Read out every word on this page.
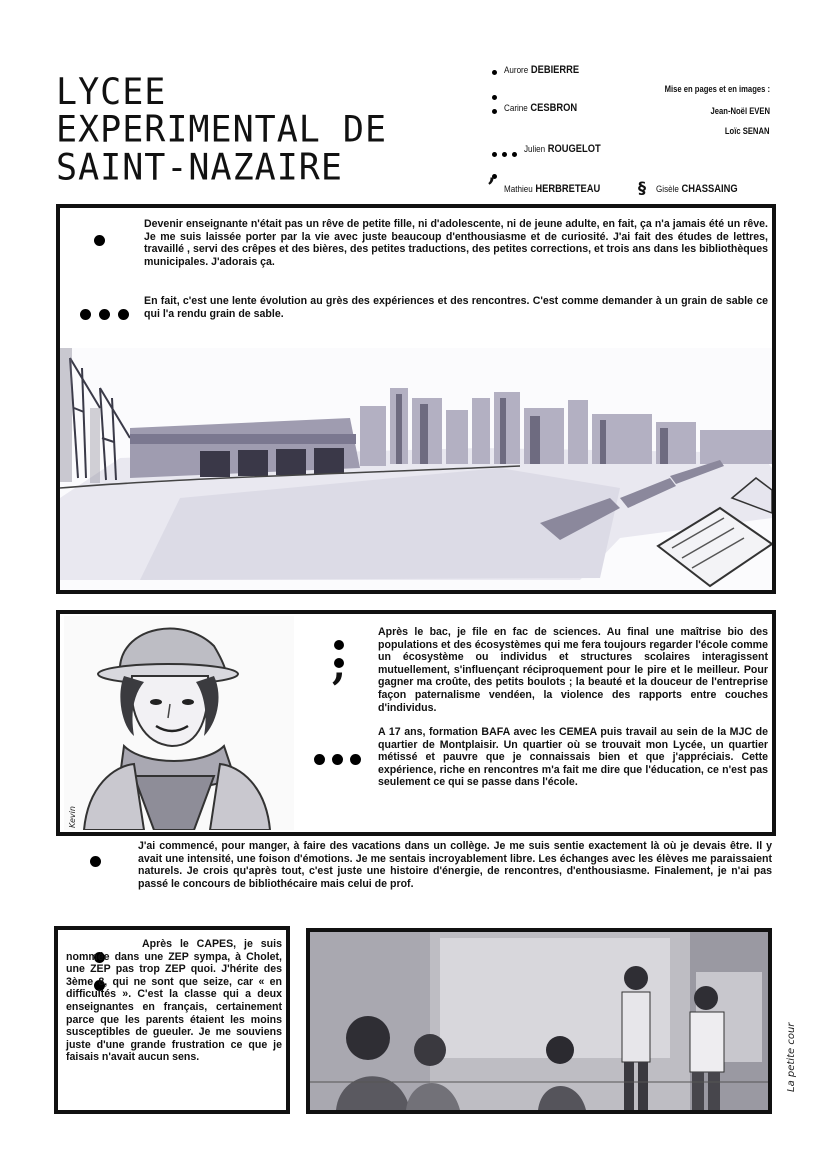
LYCEE
EXPERIMENTAL DE
SAINT-NAZAIRE
Aurore DEBIERRE
Carine CESBRON
Julien ROUGELOT
,
Mathieu HERBRETEAU § Gisèle CHASSAING
Mise en pages et en images :
Jean-Noël EVEN
Loïc SENAN
Devenir enseignante n'était pas un rêve de petite fille, ni d'adolescente, ni de jeune adulte, en fait, ça n'a jamais été un rêve. Je me suis laissée porter par la vie avec juste beaucoup d'enthousiasme et de curiosité. J'ai fait des études de lettres, travaillé , servi des crêpes et des bières, des petites traductions, des petites corrections, et trois ans dans les bibliothèques municipales. J'adorais ça.
En fait, c'est une lente évolution au grès des expériences et des rencontres. C'est comme demander à un grain de sable ce qui l'a rendu grain de sable.
Kevin
,
Après le bac, je file en fac de sciences. Au final une maîtrise bio des populations et des écosystèmes qui me fera toujours regarder l'école comme un écosystème ou individus et structures scolaires interagissent mutuellement, s'influençant réciproquement pour le pire et le meilleur. Pour gagner ma croûte, des petits boulots ; la beauté et la douceur de l'entreprise façon paternalisme vendéen, la violence des rapports entre couches d'individus.
A 17 ans, formation BAFA avec les CEMEA puis travail au sein de la MJC de quartier de Montplaisir. Un quartier où se trouvait mon Lycée, un quartier métissé et pauvre que je connaissais bien et que j'appréciais. Cette expérience, riche en rencontres m'a fait me dire que l'éducation, ce n'est pas seulement ce qui se passe dans l'école.
J'ai commencé, pour manger, à faire des vacations dans un collège. Je me suis sentie exactement là où je devais être. Il y avait une intensité, une foison d'émotions. Je me sentais incroyablement libre. Les échanges avec les élèves me paraissaient naturels. Je crois qu'après tout, c'est juste une histoire d'énergie, de rencontres, d'enthousiasme. Finalement, je n'ai pas passé le concours de bibliothécaire mais celui de prof.
Après le CAPES, je suis nommée dans une ZEP sympa, à Cholet, une ZEP pas trop ZEP quoi. J'hérite des 3ème 8, qui ne sont que seize, car « en difficultés ». C'est la classe qui a deux enseignantes en français, certainement parce que les parents étaient les moins susceptibles de gueuler. Je me souviens juste d'une grande frustration ce que je faisais n'avait aucun sens.	La petite cour
